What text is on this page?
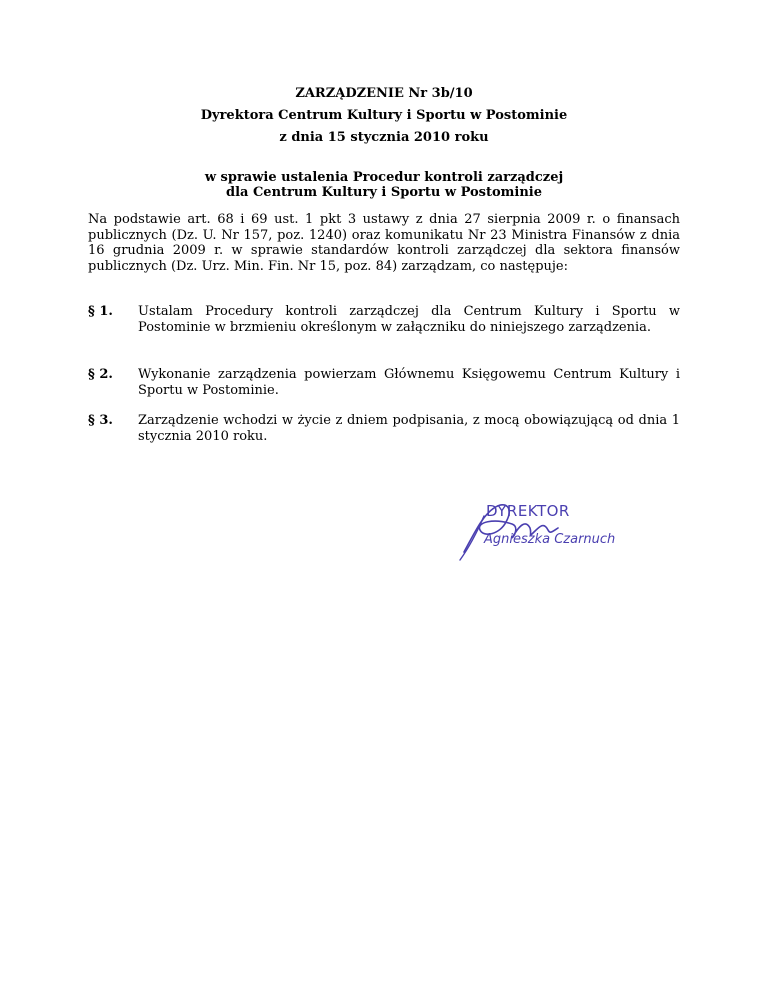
ZARZĄDZENIE Nr 3b/10
Dyrektora Centrum Kultury i Sportu w Postominie
z dnia 15 stycznia 2010 roku
w sprawie ustalenia Procedur kontroli zarządczej
dla Centrum Kultury i Sportu w Postominie
Na podstawie art. 68 i 69 ust. 1 pkt 3 ustawy z dnia 27 sierpnia 2009 r. o finansach publicznych (Dz. U. Nr 157, poz. 1240) oraz komunikatu Nr 23 Ministra Finansów z dnia 16 grudnia 2009 r. w sprawie standardów kontroli zarządczej dla sektora finansów publicznych (Dz. Urz. Min. Fin. Nr 15, poz. 84) zarządzam, co następuje:
§ 1. Ustalam Procedury kontroli zarządczej dla Centrum Kultury i Sportu w Postominie w brzmieniu określonym w załączniku do niniejszego zarządzenia.
§ 2. Wykonanie zarządzenia powierzam Głównemu Księgowemu Centrum Kultury i Sportu w Postominie.
§ 3. Zarządzenie wchodzi w życie z dniem podpisania, z mocą obowiązującą od dnia 1 stycznia 2010 roku.
DYREKTOR
Agnieszka Czarnuch
